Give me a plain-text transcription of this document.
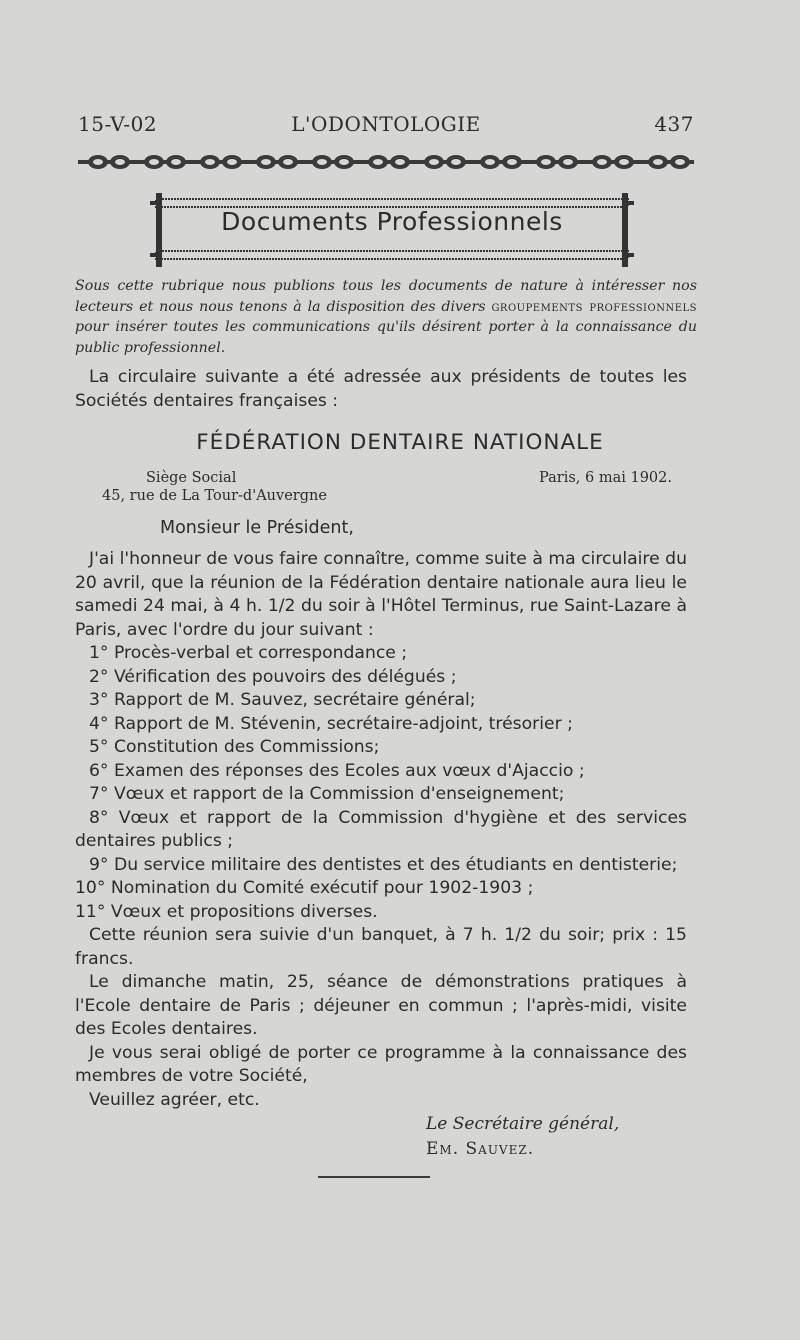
15-V-02	L'ODONTOLOGIE	437
Documents Professionnels
Sous cette rubrique nous publions tous les documents de nature à intéresser nos lecteurs et nous nous tenons à la disposition des divers groupements professionnels pour insérer toutes les communications qu'ils désirent porter à la connaissance du public professionnel.
La circulaire suivante a été adressée aux présidents de toutes les Sociétés dentaires françaises :
FÉDÉRATION DENTAIRE NATIONALE
Siège Social	Paris, 6 mai 1902.
45, rue de La Tour-d'Auvergne
Monsieur le Président,
J'ai l'honneur de vous faire connaître, comme suite à ma circulaire du 20 avril, que la réunion de la Fédération dentaire nationale aura lieu le samedi 24 mai, à 4 h. 1/2 du soir à l'Hôtel Terminus, rue Saint-Lazare à Paris, avec l'ordre du jour suivant :
1° Procès-verbal et correspondance ;
2° Vérification des pouvoirs des délégués ;
3° Rapport de M. Sauvez, secrétaire général;
4° Rapport de M. Stévenin, secrétaire-adjoint, trésorier ;
5° Constitution des Commissions;
6° Examen des réponses des Ecoles aux vœux d'Ajaccio ;
7° Vœux et rapport de la Commission d'enseignement;
8° Vœux et rapport de la Commission d'hygiène et des services dentaires publics ;
9° Du service militaire des dentistes et des étudiants en dentisterie;
10° Nomination du Comité exécutif pour 1902-1903 ;
11° Vœux et propositions diverses.
Cette réunion sera suivie d'un banquet, à 7 h. 1/2 du soir; prix : 15 francs.
Le dimanche matin, 25, séance de démonstrations pratiques à l'Ecole dentaire de Paris ; déjeuner en commun ; l'après-midi, visite des Ecoles dentaires.
Je vous serai obligé de porter ce programme à la connaissance des membres de votre Société,
Veuillez agréer, etc.
Le Secrétaire général,
Em. Sauvez.
